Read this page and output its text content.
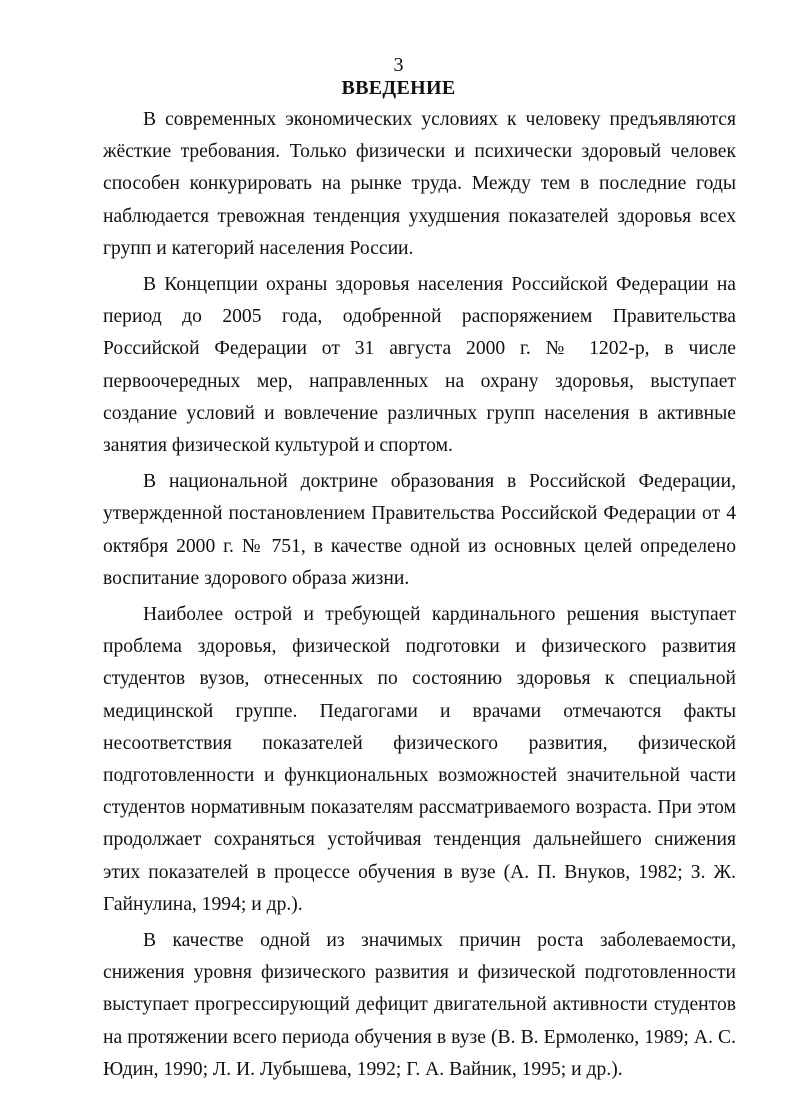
3
ВВЕДЕНИЕ

В современных экономических условиях к человеку предъявляются жёсткие требования. Только физически и психически здоровый человек способен конкурировать на рынке труда. Между тем в последние годы наблюдается тревожная тенденция ухудшения показателей здоровья всех групп и категорий населения России.

В Концепции охраны здоровья населения Российской Федерации на период до 2005 года, одобренной распоряжением Правительства Российской Федерации от 31 августа 2000 г. № 1202-р, в числе первоочередных мер, направленных на охрану здоровья, выступает создание условий и вовлечение различных групп населения в активные занятия физической культурой и спортом.

В национальной доктрине образования в Российской Федерации, утвержденной постановлением Правительства Российской Федерации от 4 октября 2000 г. № 751, в качестве одной из основных целей определено воспитание здорового образа жизни.

Наиболее острой и требующей кардинального решения выступает проблема здоровья, физической подготовки и физического развития студентов вузов, отнесенных по состоянию здоровья к специальной медицинской группе. Педагогами и врачами отмечаются факты несоответствия показателей физического развития, физической подготовленности и функциональных возможностей значительной части студентов нормативным показателям рассматриваемого возраста. При этом продолжает сохраняться устойчивая тенденция дальнейшего снижения этих показателей в процессе обучения в вузе (А. П. Внуков, 1982; З. Ж. Гайнулина, 1994; и др.).

В качестве одной из значимых причин роста заболеваемости, снижения уровня физического развития и физической подготовленности выступает прогрессирующий дефицит двигательной активности студентов на протяжении всего периода обучения в вузе (В. В. Ермоленко, 1989; А. С. Юдин, 1990; Л. И. Лубышева, 1992; Г. А. Вайник, 1995; и др.).
